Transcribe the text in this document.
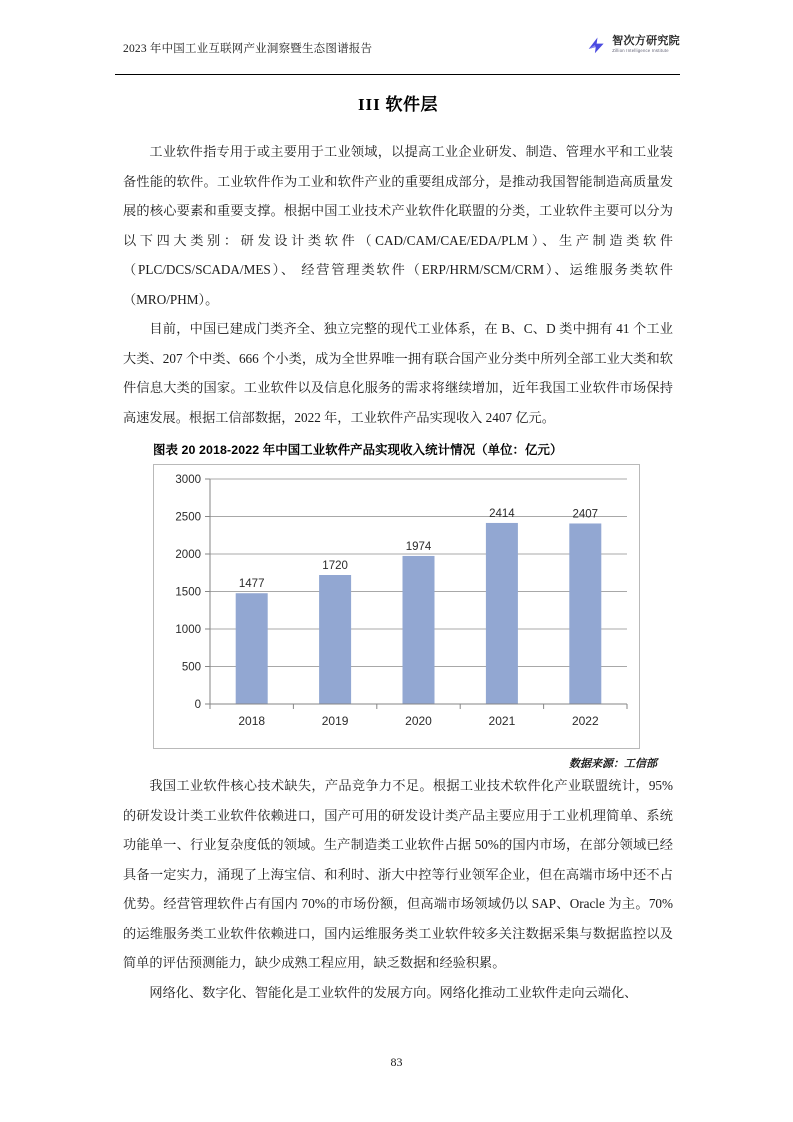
2023 年中国工业互联网产业洞察暨生态图谱报告
智次方研究院
Zillion Intelligence Institute
III 软件层

工业软件指专用于或主要用于工业领域，以提高工业企业研发、制造、管理水平和工业装备性能的软件。工业软件作为工业和软件产业的重要组成部分，是推动我国智能制造高质量发展的核心要素和重要支撑。根据中国工业技术产业软件化联盟的分类，工业软件主要可以分为以下四大类别：研发设计类软件（CAD/CAM/CAE/EDA/PLM）、生产制造类软件（PLC/DCS/SCADA/MES）、 经营管理类软件（ERP/HRM/SCM/CRM）、运维服务类软件（MRO/PHM）。

目前，中国已建成门类齐全、独立完整的现代工业体系，在 B、C、D 类中拥有 41 个工业大类、207 个中类、666 个小类，成为全世界唯一拥有联合国产业分类中所列全部工业大类和软件信息大类的国家。工业软件以及信息化服务的需求将继续增加，近年我国工业软件市场保持高速发展。根据工信部数据，2022 年，工业软件产品实现收入 2407 亿元。

图表 20 2018-2022 年中国工业软件产品实现收入统计情况（单位：亿元）
0
500
1000
1500
2000
2500
3000
1477
2018
1720
2019
1974
2020
2414
2021
2407
2022
数据来源：工信部

我国工业软件核心技术缺失，产品竞争力不足。根据工业技术软件化产业联盟统计，95%的研发设计类工业软件依赖进口，国产可用的研发设计类产品主要应用于工业机理简单、系统功能单一、行业复杂度低的领域。生产制造类工业软件占据 50%的国内市场，在部分领域已经具备一定实力，涌现了上海宝信、和利时、浙大中控等行业领军企业，但在高端市场中还不占优势。经营管理软件占有国内 70%的市场份额，但高端市场领域仍以 SAP、Oracle 为主。70%的运维服务类工业软件依赖进口，国内运维服务类工业软件较多关注数据采集与数据监控以及简单的评估预测能力，缺少成熟工程应用，缺乏数据和经验积累。

网络化、数字化、智能化是工业软件的发展方向。网络化推动工业软件走向云端化、

83
